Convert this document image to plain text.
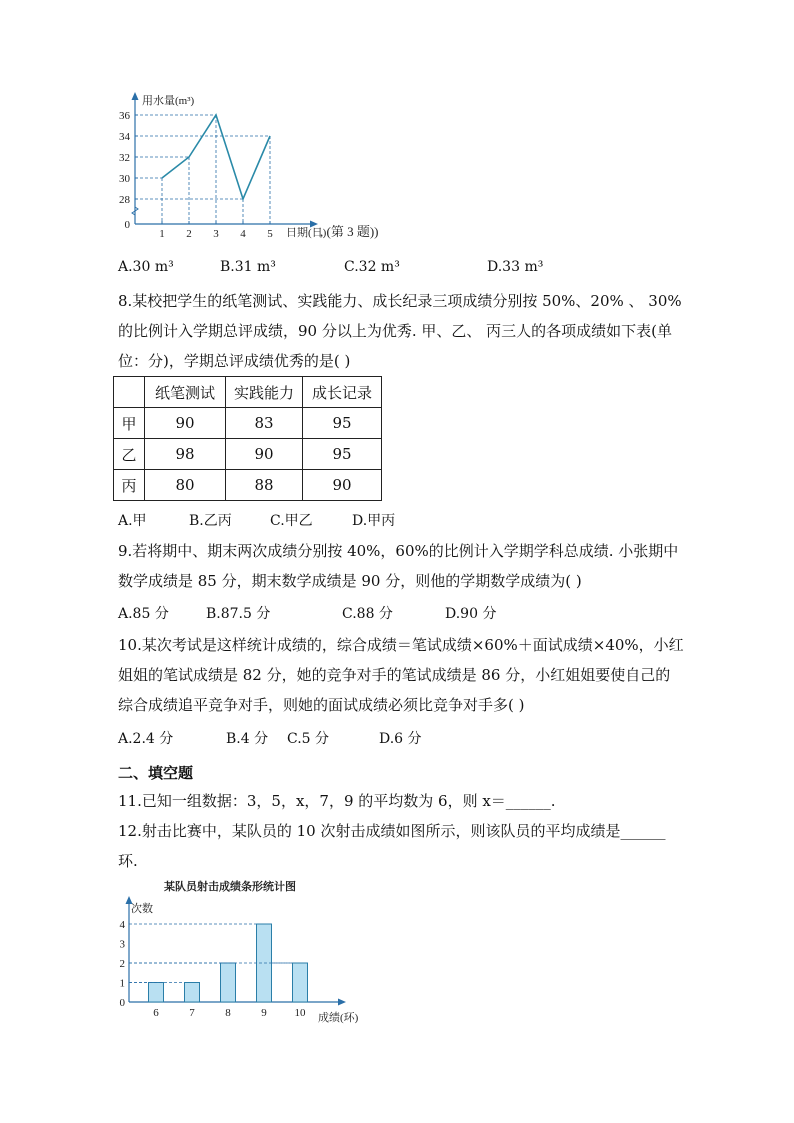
用水量(m³)
日期(日)
, (第 3 题))
0
28
30
32
34
36
1 2 3 4 5
A.30 m³	B.31 m³	C.32 m³	D.33 m³
8.某校把学生的纸笔测试、实践能力、成长纪录三项成绩分别按 50%、20% 、 30%
的比例计入学期总评成绩，90 分以上为优秀. 甲、乙、 丙三人的各项成绩如下表(单
位：分)，学期总评成绩优秀的是( )
	纸笔测试	实践能力	成长记录
甲	90	83	95
乙	98	90	95
丙	80	88	90
A.甲	B.乙丙	C.甲乙	D.甲丙
9.若将期中、期末两次成绩分别按 40%，60%的比例计入学期学科总成绩. 小张期中
数学成绩是 85 分，期末数学成绩是 90 分，则他的学期数学成绩为( )
A.85 分	B.87.5 分	C.88 分	D.90 分
10.某次考试是这样统计成绩的，综合成绩＝笔试成绩×60%＋面试成绩×40%，小红
姐姐的笔试成绩是 82 分，她的竞争对手的笔试成绩是 86 分，小红姐姐要使自己的
综合成绩追平竞争对手，则她的面试成绩必须比竞争对手多( )
A.2.4 分	B.4 分 C.5 分	D.6 分
二、填空题
11.已知一组数据：3，5，x，7，9 的平均数为 6，则 x＝______.
12.射击比赛中，某队员的 10 次射击成绩如图所示，则该队员的平均成绩是______
环.
某队员射击成绩条形统计图
次数
成绩(环)
0
1
2
3
4
6	7	8	9	10
